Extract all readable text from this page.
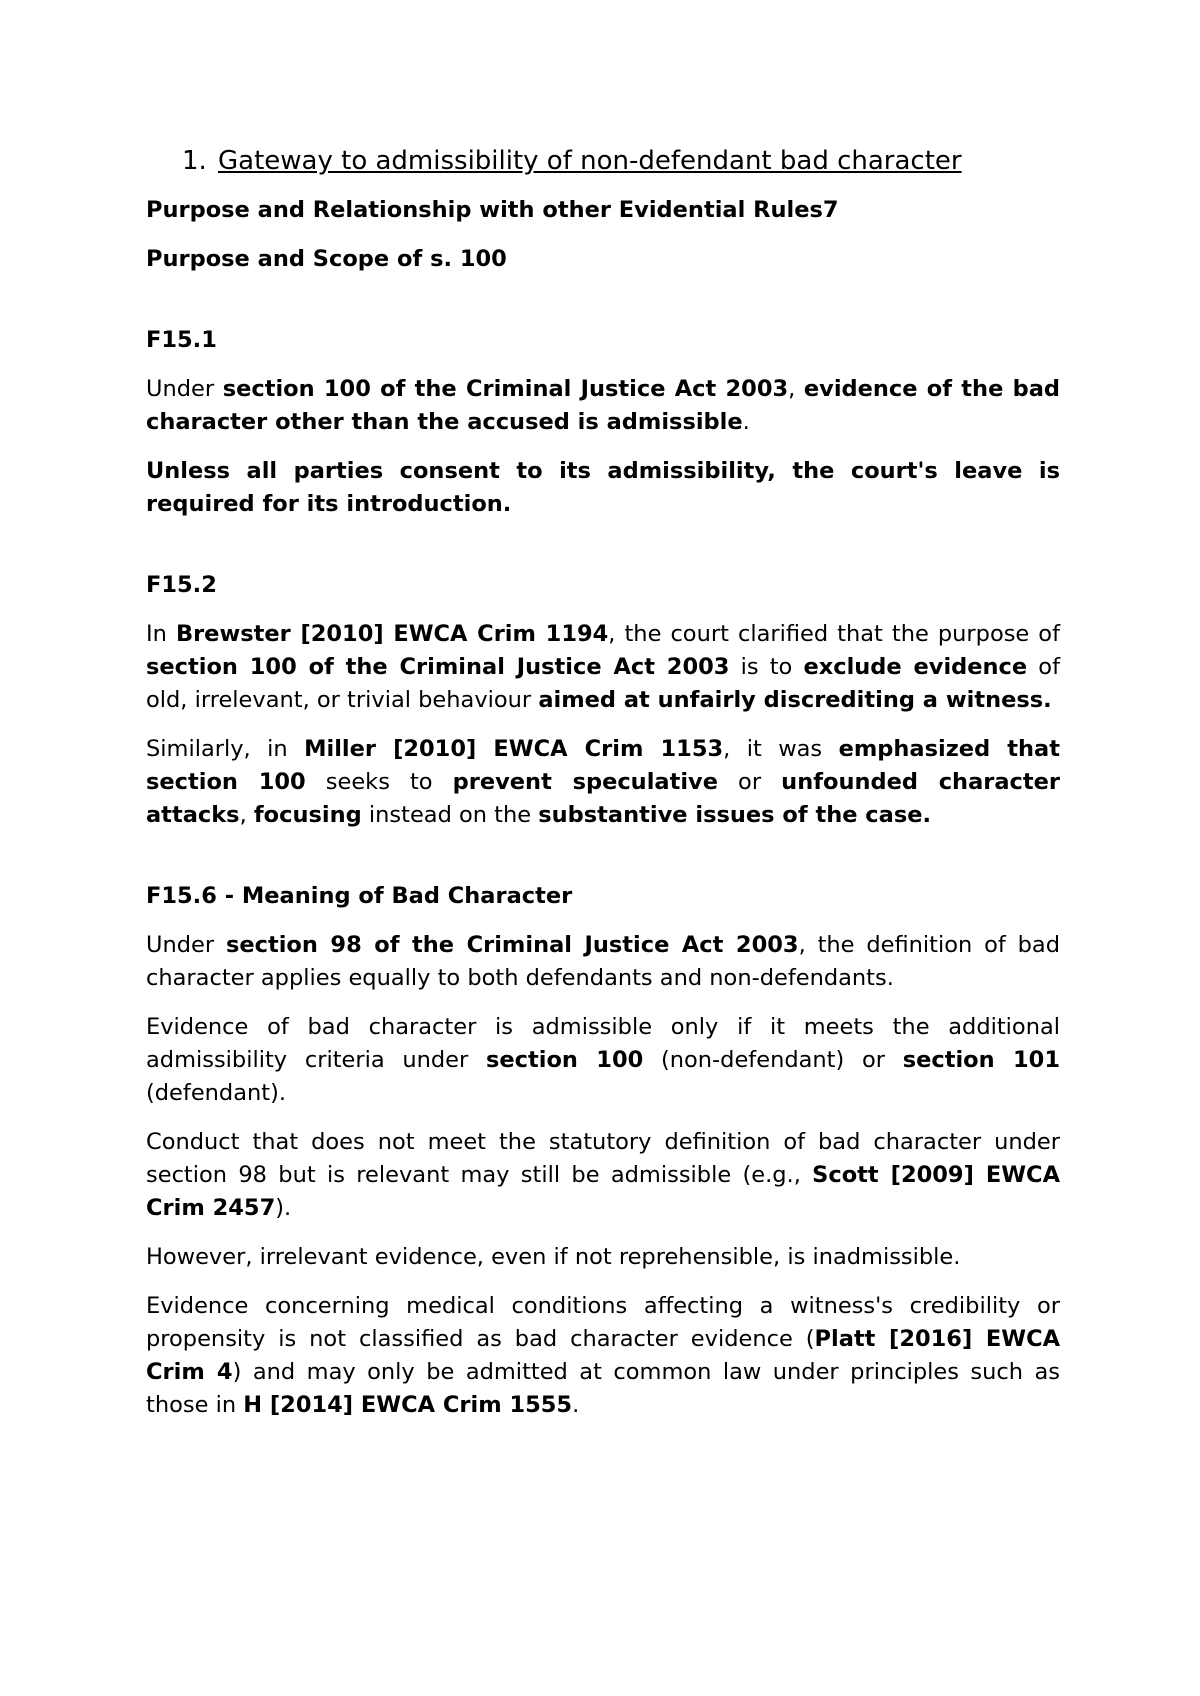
1. Gateway to admissibility of non-defendant bad character
Purpose and Relationship with other Evidential Rules7
Purpose and Scope of s. 100
F15.1

Under section 100 of the Criminal Justice Act 2003, evidence of the bad character other than the accused is admissible.

Unless all parties consent to its admissibility, the court's leave is required for its introduction.

F15.2

In Brewster [2010] EWCA Crim 1194, the court clarified that the purpose of section 100 of the Criminal Justice Act 2003 is to exclude evidence of old, irrelevant, or trivial behaviour aimed at unfairly discrediting a witness.

Similarly, in Miller [2010] EWCA Crim 1153, it was emphasized that section 100 seeks to prevent speculative or unfounded character attacks, focusing instead on the substantive issues of the case.

F15.6 - Meaning of Bad Character

Under section 98 of the Criminal Justice Act 2003, the definition of bad character applies equally to both defendants and non-defendants.

Evidence of bad character is admissible only if it meets the additional admissibility criteria under section 100 (non-defendant) or section 101 (defendant).

Conduct that does not meet the statutory definition of bad character under section 98 but is relevant may still be admissible (e.g., Scott [2009] EWCA Crim 2457).

However, irrelevant evidence, even if not reprehensible, is inadmissible.

Evidence concerning medical conditions affecting a witness's credibility or propensity is not classified as bad character evidence (Platt [2016] EWCA Crim 4) and may only be admitted at common law under principles such as those in H [2014] EWCA Crim 1555.
